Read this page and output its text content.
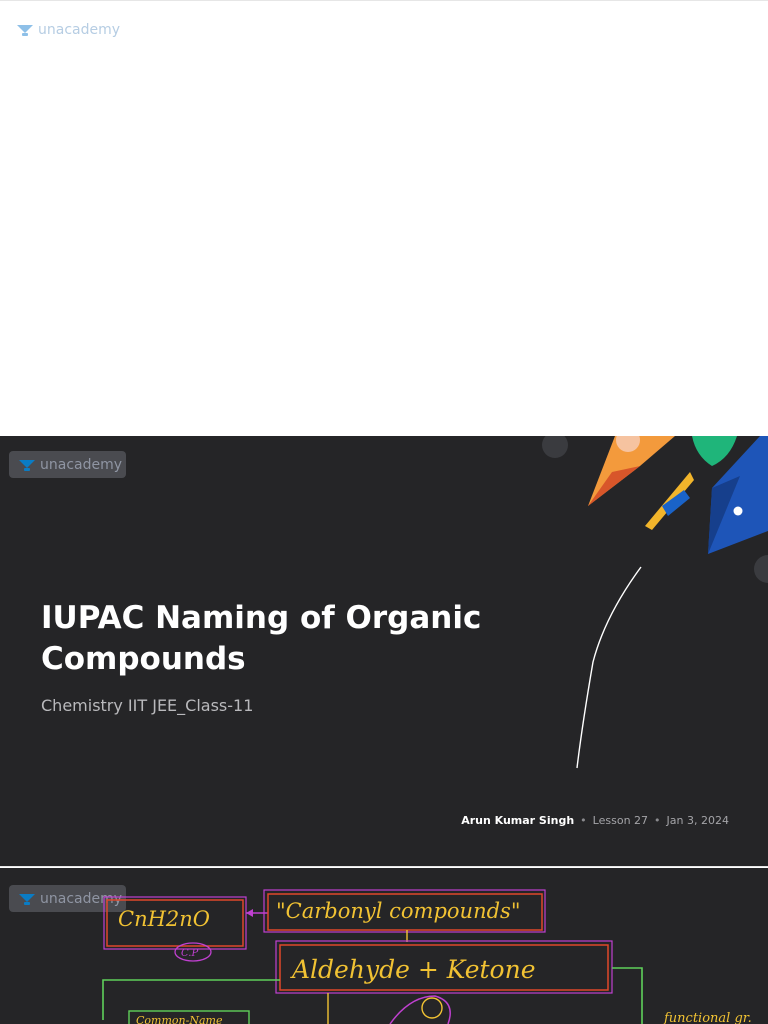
unacademy
unacademy
IUPAC Naming of Organic Compounds
Chemistry IIT JEE_Class-11
Arun Kumar Singh • Lesson 27 • Jan 3, 2024
unacademy
CnH2nO
C.P
"Carbonyl compounds"
Aldehyde + Ketone
Common-Name	functional gr.
